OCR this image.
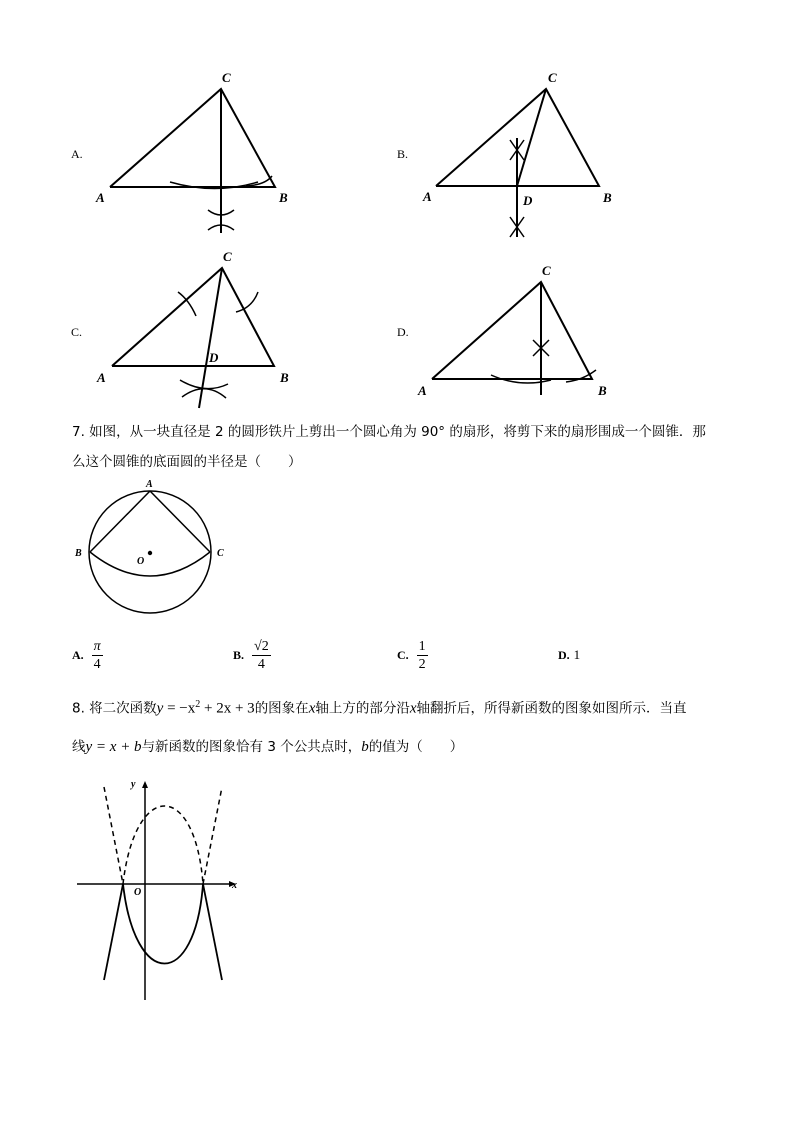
A.
C
A	B
B.
C
A	D	B
C.
C
D
A	B
D.
C
A	B
7. 如图，从一块直径是 2 的圆形铁片上剪出一个圆心角为 90° 的扇形，将剪下来的扇形围成一个圆锥．那
么这个圆锥的底面圆的半径是（　　）
A
B	C
O
A. $\frac{\pi}{4}$	B. $\frac{√2}{4}$	C. $\frac{1}{2}$	D. 1
8. 将二次函数$y = -x^2 + 2x + 3$的图象在x轴上方的部分沿x轴翻折后，所得新函数的图象如图所示．当直
线y = x + b与新函数的图象恰有 3 个公共点时，b的值为（　　）
y
x
O
